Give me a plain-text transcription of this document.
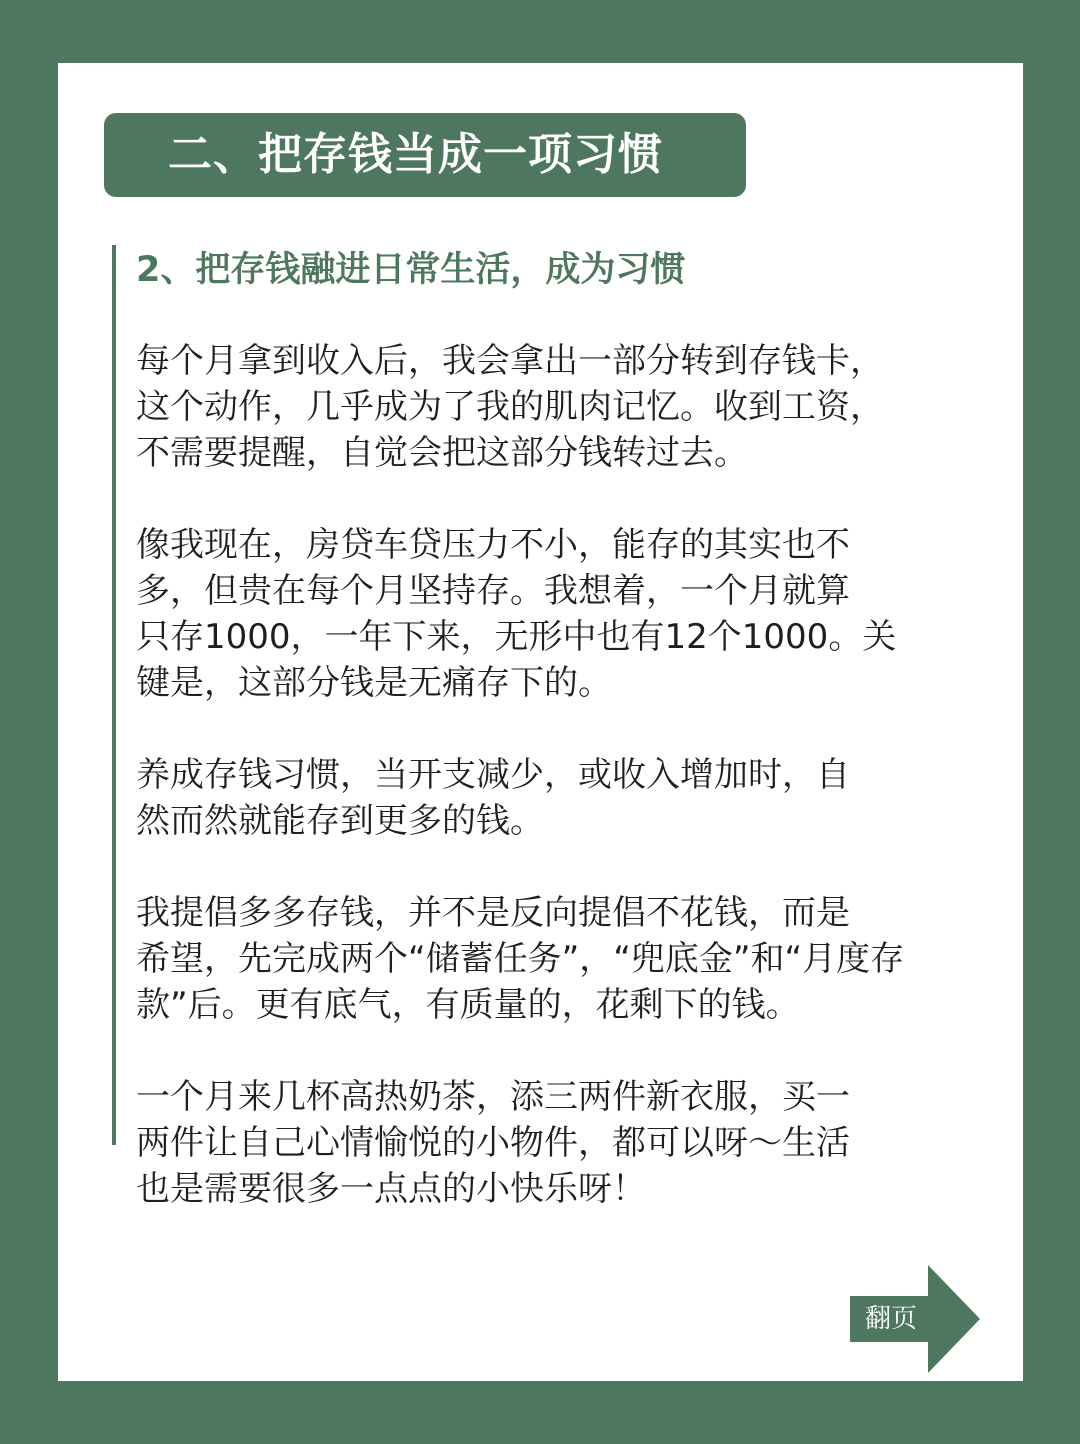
二、把存钱当成一项习惯
2、把存钱融进日常生活，成为习惯

每个月拿到收入后，我会拿出一部分转到存钱卡，
这个动作，几乎成为了我的肌肉记忆。收到工资，
不需要提醒，自觉会把这部分钱转过去。

像我现在，房贷车贷压力不小，能存的其实也不
多，但贵在每个月坚持存。我想着，一个月就算
只存1000，一年下来，无形中也有12个1000。关
键是，这部分钱是无痛存下的。

养成存钱习惯，当开支减少，或收入增加时，自
然而然就能存到更多的钱。

我提倡多多存钱，并不是反向提倡不花钱，而是
希望，先完成两个“储蓄任务”，“兜底金”和“月度存
款”后。更有底气，有质量的，花剩下的钱。

一个月来几杯高热奶茶，添三两件新衣服，买一
两件让自己心情愉悦的小物件，都可以呀～生活
也是需要很多一点点的小快乐呀！

翻页
